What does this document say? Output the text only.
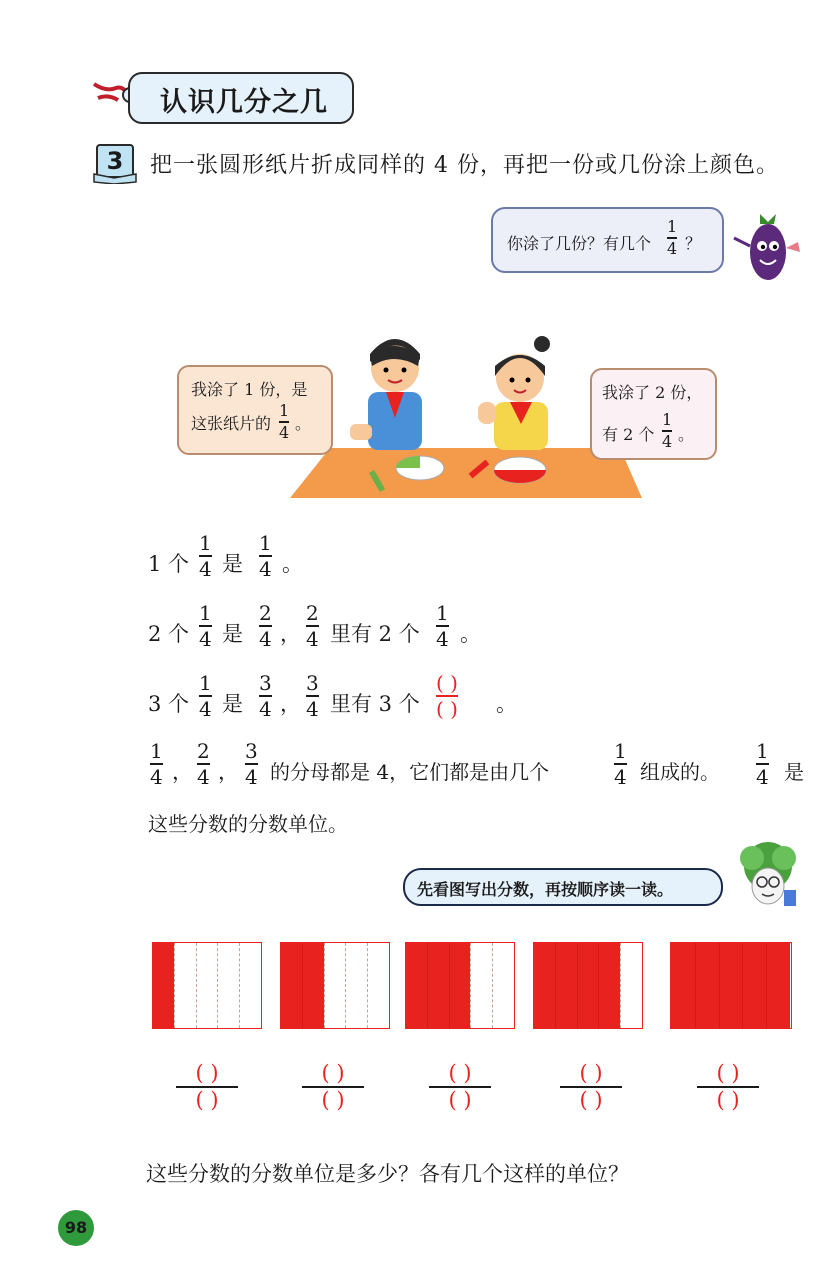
认识几分之几
3	把一张圆形纸片折成同样的 4 份，再把一份或几份涂上颜色。
你涂了几份？有几个
1
4 ？
我涂了 1 份，是
这张纸片的
1
4 。
我涂了 2 份，
有 2 个
1
4 。
1 个
1
4 是
1
4 。
2 个
1
4 是
2
4 ，
2
4 里有 2 个
1
4 。
3 个
1
4 是
3
4 ，
3
4 里有 3 个
( )
( ) 。
1
4 ，
2
4 ，
3
4 的分母都是 4，它们都是由几个
1
4 组成的。
1
4 是
这些分数的分数单位。
先看图写出分数，再按顺序读一读。
( )
( )
( )
( )
( )
( )
( )
( )
( )
( )
这些分数的分数单位是多少？各有几个这样的单位？
98
